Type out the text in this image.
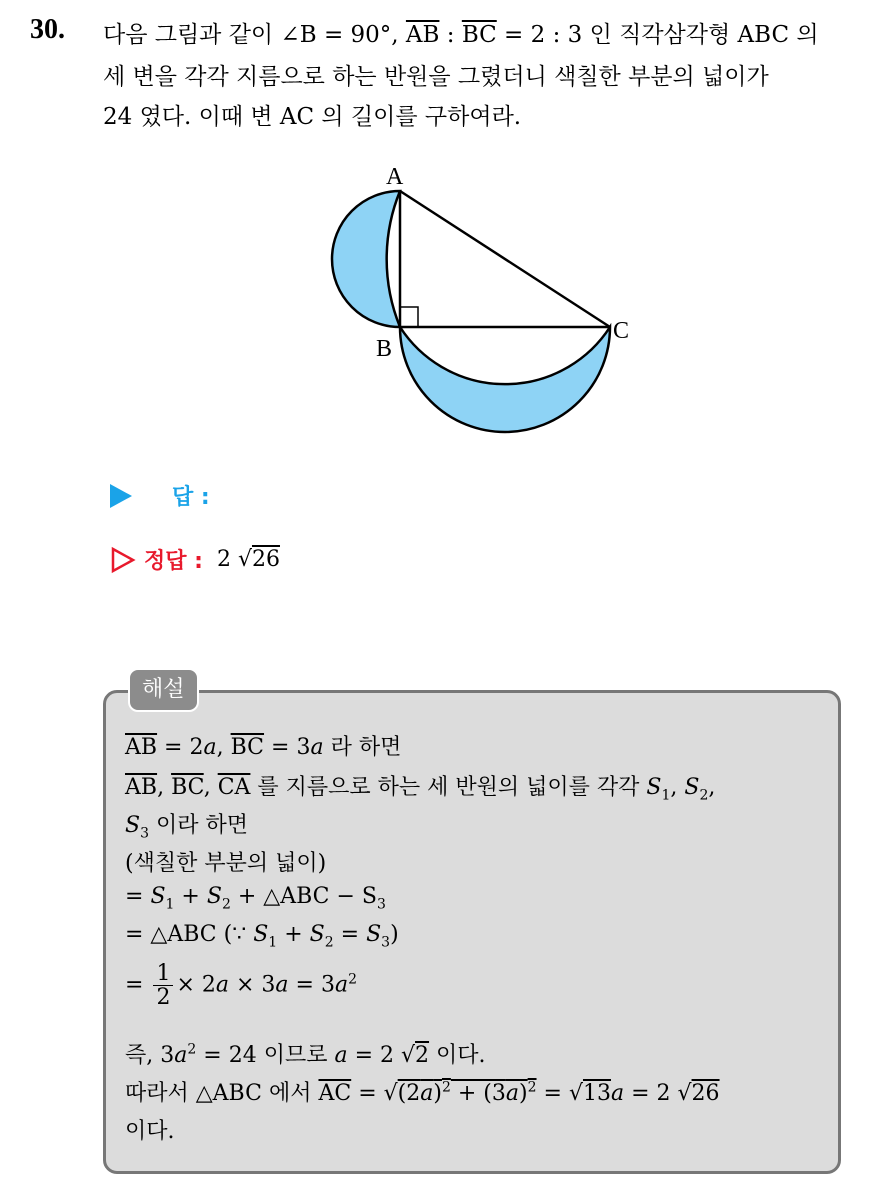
30. 다음 그림과 같이 ∠B = 90°, $\overline{AB}$ : $\overline{BC} = 2$ : 3 인 직각삼각형 ABC 의
세 변을 각각 지름으로 하는 반원을 그렸더니 색칠한 부분의 넓이가
24 였다. 이때 변 AC 의 길이를 구하여라.
A
B
C
답 :
정답 : 2 √26
해설
$\overline{AB} = 2a$, $\overline{BC} = 3a$ 라 하면
$\overline{AB}$, $\overline{BC}$, $\overline{CA}$ 를 지름으로 하는 세 반원의 넓이를 각각 $S_1$, $S_2$,
$S_3$ 이라 하면
(색칠한 부분의 넓이)
= $S_1 + S_2$ + △ABC − $S_3$
= △ABC (∵ $S_1 + S_2 = S_3$)
= $\frac{1}{2} \times 2a \times 3a = 3a^2$
즉, $3a^2 = 24$ 이므로 a = 2 √2 이다.
따라서 △ABC 에서 $\overline{AC} = √(2a)^2 + (3a)^2 = √13a = 2$ √26
이다.
